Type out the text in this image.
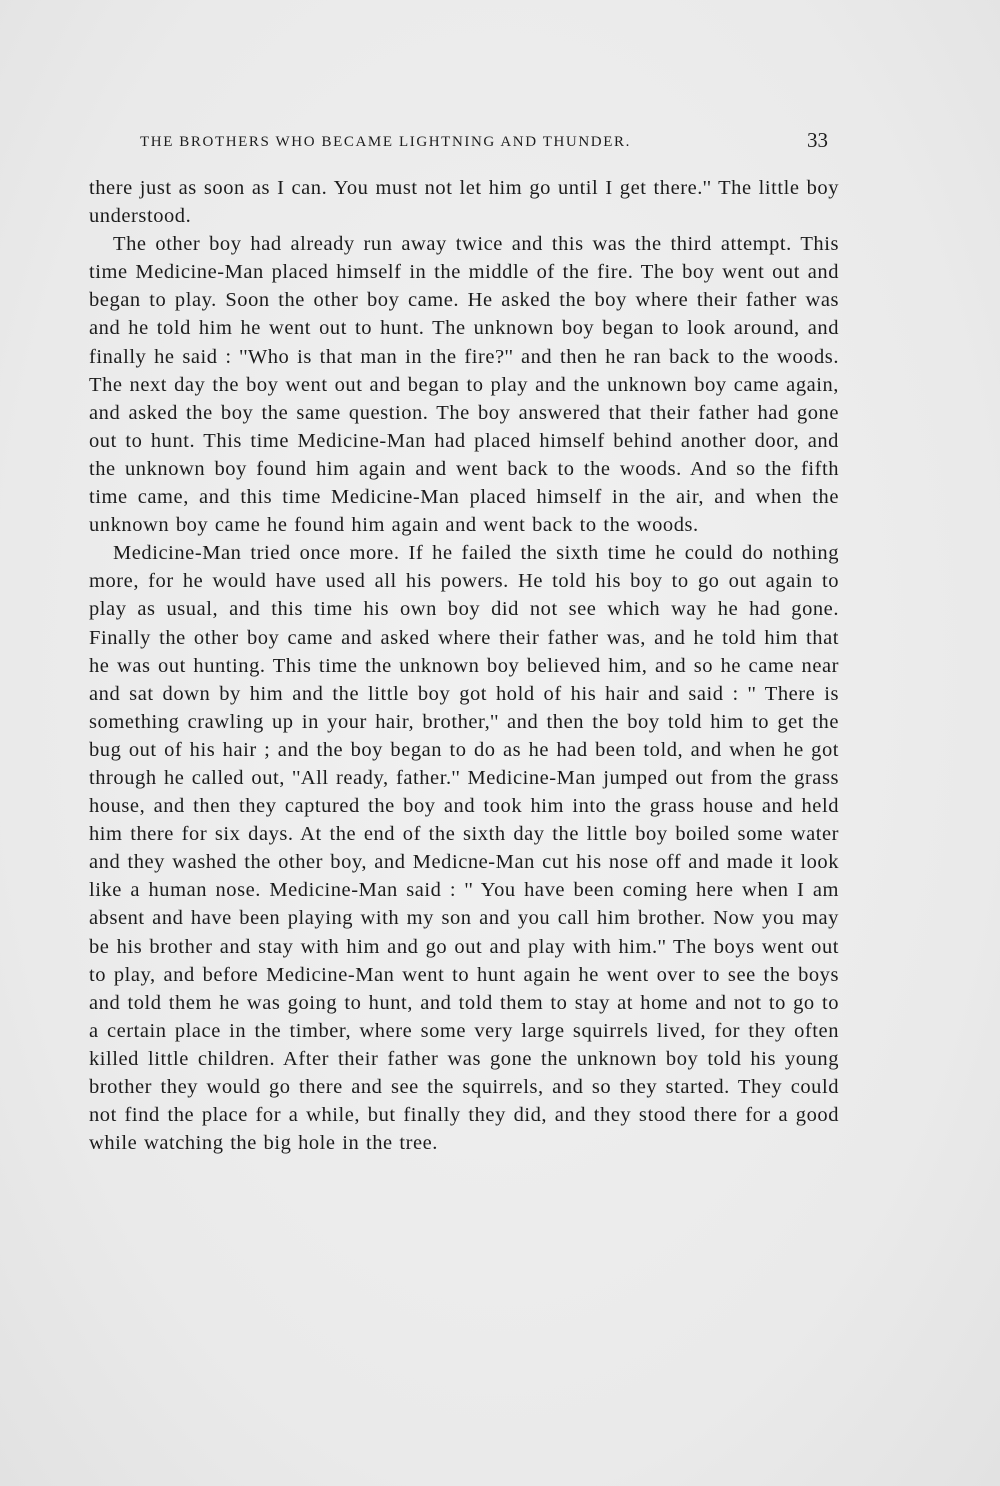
THE BROTHERS WHO BECAME LIGHTNING AND THUNDER.	33

there just as soon as I can. You must not let him go until I get there.'' The little boy understood.

The other boy had already run away twice and this was the third attempt. This time Medicine-Man placed himself in the middle of the fire. The boy went out and began to play. Soon the other boy came. He asked the boy where their father was and he told him he went out to hunt. The unknown boy began to look around, and finally he said : ''Who is that man in the fire?'' and then he ran back to the woods. The next day the boy went out and began to play and the unknown boy came again, and asked the boy the same question. The boy answered that their father had gone out to hunt. This time Medicine-Man had placed himself behind another door, and the unknown boy found him again and went back to the woods. And so the fifth time came, and this time Medicine-Man placed himself in the air, and when the unknown boy came he found him again and went back to the woods.

Medicine-Man tried once more. If he failed the sixth time he could do nothing more, for he would have used all his powers. He told his boy to go out again to play as usual, and this time his own boy did not see which way he had gone. Finally the other boy came and asked where their father was, and he told him that he was out hunting. This time the unknown boy believed him, and so he came near and sat down by him and the little boy got hold of his hair and said : '' There is something crawling up in your hair, brother,'' and then the boy told him to get the bug out of his hair ; and the boy began to do as he had been told, and when he got through he called out, ''All ready, father.'' Medicine-Man jumped out from the grass house, and then they captured the boy and took him into the grass house and held him there for six days. At the end of the sixth day the little boy boiled some water and they washed the other boy, and Medicne-Man cut his nose off and made it look like a human nose. Medicine-Man said : '' You have been coming here when I am absent and have been playing with my son and you call him brother. Now you may be his brother and stay with him and go out and play with him.'' The boys went out to play, and before Medicine-Man went to hunt again he went over to see the boys and told them he was going to hunt, and told them to stay at home and not to go to a certain place in the timber, where some very large squirrels lived, for they often killed little children. After their father was gone the unknown boy told his young brother they would go there and see the squirrels, and so they started. They could not find the place for a while, but finally they did, and they stood there for a good while watching the big hole in the tree.
